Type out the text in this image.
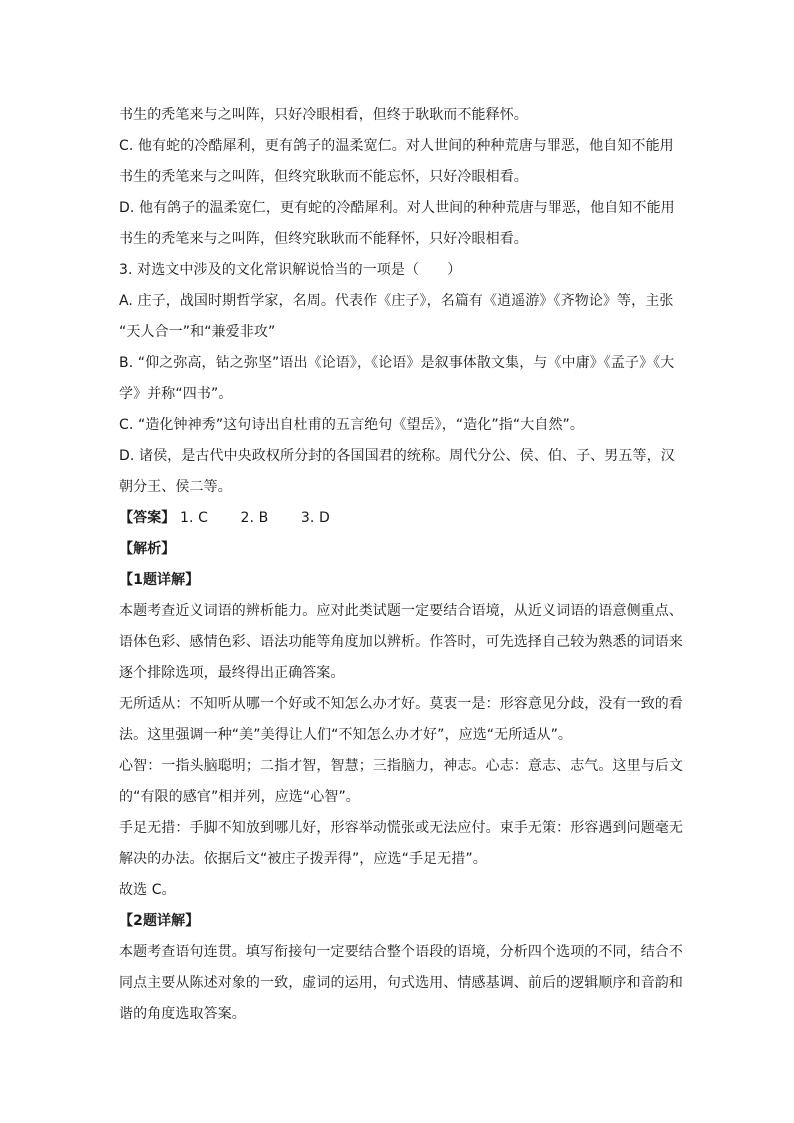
书生的秃笔来与之叫阵，只好冷眼相看，但终于耿耿而不能释怀。
C. 他有蛇的冷酷犀利，更有鸽子的温柔宽仁。对人世间的种种荒唐与罪恶，他自知不能用
书生的秃笔来与之叫阵，但终究耿耿而不能忘怀，只好冷眼相看。
D. 他有鸽子的温柔宽仁，更有蛇的冷酷犀利。对人世间的种种荒唐与罪恶，他自知不能用
书生的秃笔来与之叫阵，但终究耿耿而不能释怀，只好冷眼相看。
3. 对选文中涉及的文化常识解说恰当的一项是（　　）
A. 庄子，战国时期哲学家，名周。代表作《庄子》，名篇有《逍遥游》《齐物论》等，主张
“天人合一”和“兼爱非攻”
B. “仰之弥高，钻之弥坚”语出《论语》，《论语》是叙事体散文集，与《中庸》《孟子》《大
学》并称“四书”。
C. “造化钟神秀”这句诗出自杜甫的五言绝句《望岳》，“造化”指“大自然”。
D. 诸侯，是古代中央政权所分封的各国国君的统称。周代分公、侯、伯、子、男五等，汉
朝分王、侯二等。
【答案】 1. C 2. B 3. D
【解析】
【1题详解】
本题考查近义词语的辨析能力。应对此类试题一定要结合语境，从近义词语的语意侧重点、
语体色彩、感情色彩、语法功能等角度加以辨析。作答时，可先选择自己较为熟悉的词语来
逐个排除选项，最终得出正确答案。
无所适从：不知听从哪一个好或不知怎么办才好。莫衷一是：形容意见分歧，没有一致的看
法。这里强调一种“美”美得让人们“不知怎么办才好”，应选“无所适从”。
心智：一指头脑聪明；二指才智，智慧；三指脑力，神志。心志：意志、志气。这里与后文
的“有限的感官”相并列，应选“心智”。
手足无措：手脚不知放到哪儿好，形容举动慌张或无法应付。束手无策：形容遇到问题毫无
解决的办法。依据后文“被庄子拨弄得”，应选“手足无措”。
故选 C。
【2题详解】
本题考查语句连贯。填写衔接句一定要结合整个语段的语境，分析四个选项的不同，结合不
同点主要从陈述对象的一致，虚词的运用，句式选用、情感基调、前后的逻辑顺序和音韵和
谐的角度选取答案。
